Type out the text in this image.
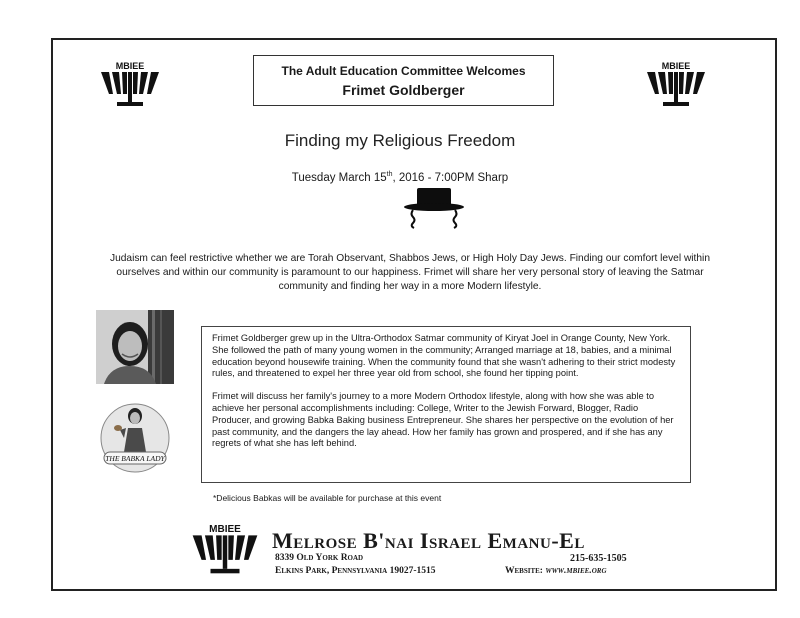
MBIEE	MBIEE
The Adult Education Committee Welcomes
Frimet Goldberger
Finding my Religious Freedom
Tuesday March 15th, 2016 - 7:00PM Sharp
Judaism can feel restrictive whether we are Torah Observant, Shabbos Jews, or High Holy Day Jews. Finding our comfort level within ourselves and within our community is paramount to our happiness. Frimet will share her very personal story of leaving the Satmar community and finding her way in a more Modern lifestyle.
THE BABKA LADY

Frimet Goldberger grew up in the Ultra-Orthodox Satmar community of Kiryat Joel in Orange County, New York. She followed the path of many young women in the community; Arranged marriage at 18, babies, and a minimal education beyond housewife training. When the community found that she wasn't adhering to their strict modesty rules, and threatened to expel her three year old from school, she found her tipping point.

Frimet will discuss her family's journey to a more Modern Orthodox lifestyle, along with how she was able to achieve her personal accomplishments including: College, Writer to the Jewish Forward, Blogger, Radio Producer, and growing Babka Baking business Entrepreneur. She shares her perspective on the evolution of her past community, and the dangers the lay ahead. How her family has grown and prospered, and if she has any regrets of what she has left behind.

*Delicious Babkas will be available for purchase at this event
MBIEE Melrose B'nai Israel Emanu-El
8339 Old York Road
Elkins Park, Pennsylvania 19027-1515
215-635-1505
Website: www.mbiee.org
